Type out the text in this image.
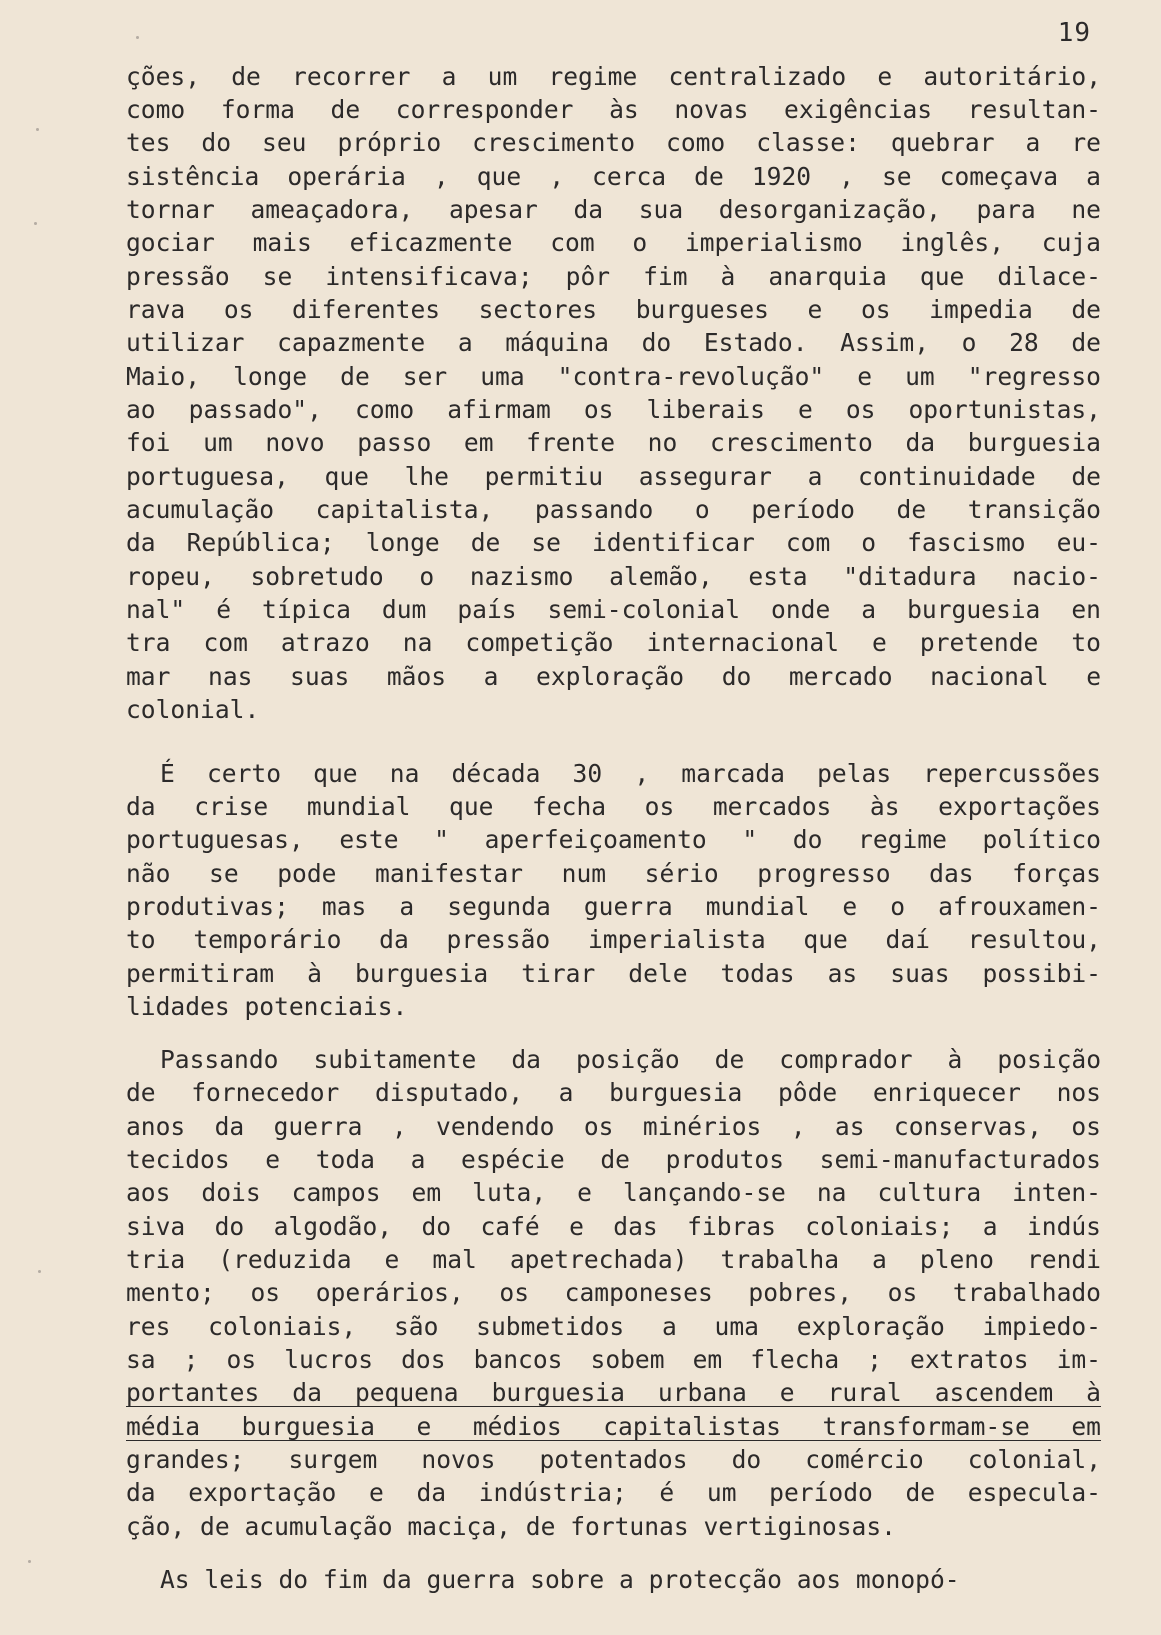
19
ções, de recorrer a um regime centralizado e autoritário,
como forma de corresponder às novas exigências resultan-
tes do seu próprio crescimento como classe: quebrar a re
sistência operária , que , cerca de 1920 , se começava a
tornar ameaçadora, apesar da sua desorganização, para ne
gociar mais eficazmente com o imperialismo inglês, cuja
pressão se intensificava; pôr fim à anarquia que dilace-
rava os diferentes sectores burgueses e os impedia de
utilizar capazmente a máquina do Estado. Assim, o 28 de
Maio, longe de ser uma "contra-revolução" e um "regresso
ao passado", como afirmam os liberais e os oportunistas,
foi um novo passo em frente no crescimento da burguesia
portuguesa, que lhe permitiu assegurar a continuidade de
acumulação capitalista, passando o período de transição
da República; longe de se identificar com o fascismo eu-
ropeu, sobretudo o nazismo alemão, esta "ditadura nacio-
nal" é típica dum país semi-colonial onde a burguesia en
tra com atrazo na competição internacional e pretende to
mar nas suas mãos a exploração do mercado nacional e
colonial.
É certo que na década 30 , marcada pelas repercussões
da crise mundial que fecha os mercados às exportações
portuguesas, este " aperfeiçoamento " do regime político
não se pode manifestar num sério progresso das forças
produtivas; mas a segunda guerra mundial e o afrouxamen-
to temporário da pressão imperialista que daí resultou,
permitiram à burguesia tirar dele todas as suas possibi-
lidades potenciais.
Passando subitamente da posição de comprador à posição
de fornecedor disputado, a burguesia pôde enriquecer nos
anos da guerra , vendendo os minérios , as conservas, os
tecidos e toda a espécie de produtos semi-manufacturados
aos dois campos em luta, e lançando-se na cultura inten-
siva do algodão, do café e das fibras coloniais; a indús
tria (reduzida e mal apetrechada) trabalha a pleno rendi
mento; os operários, os camponeses pobres, os trabalhado
res coloniais, são submetidos a uma exploração impiedo-
sa ; os lucros dos bancos sobem em flecha ; extratos im-
portantes da pequena burguesia urbana e rural ascendem à
média burguesia e médios capitalistas transformam-se em
grandes; surgem novos potentados do comércio colonial,
da exportação e da indústria; é um período de especula-
ção, de acumulação maciça, de fortunas vertiginosas.
As leis do fim da guerra sobre a protecção aos monopó-
